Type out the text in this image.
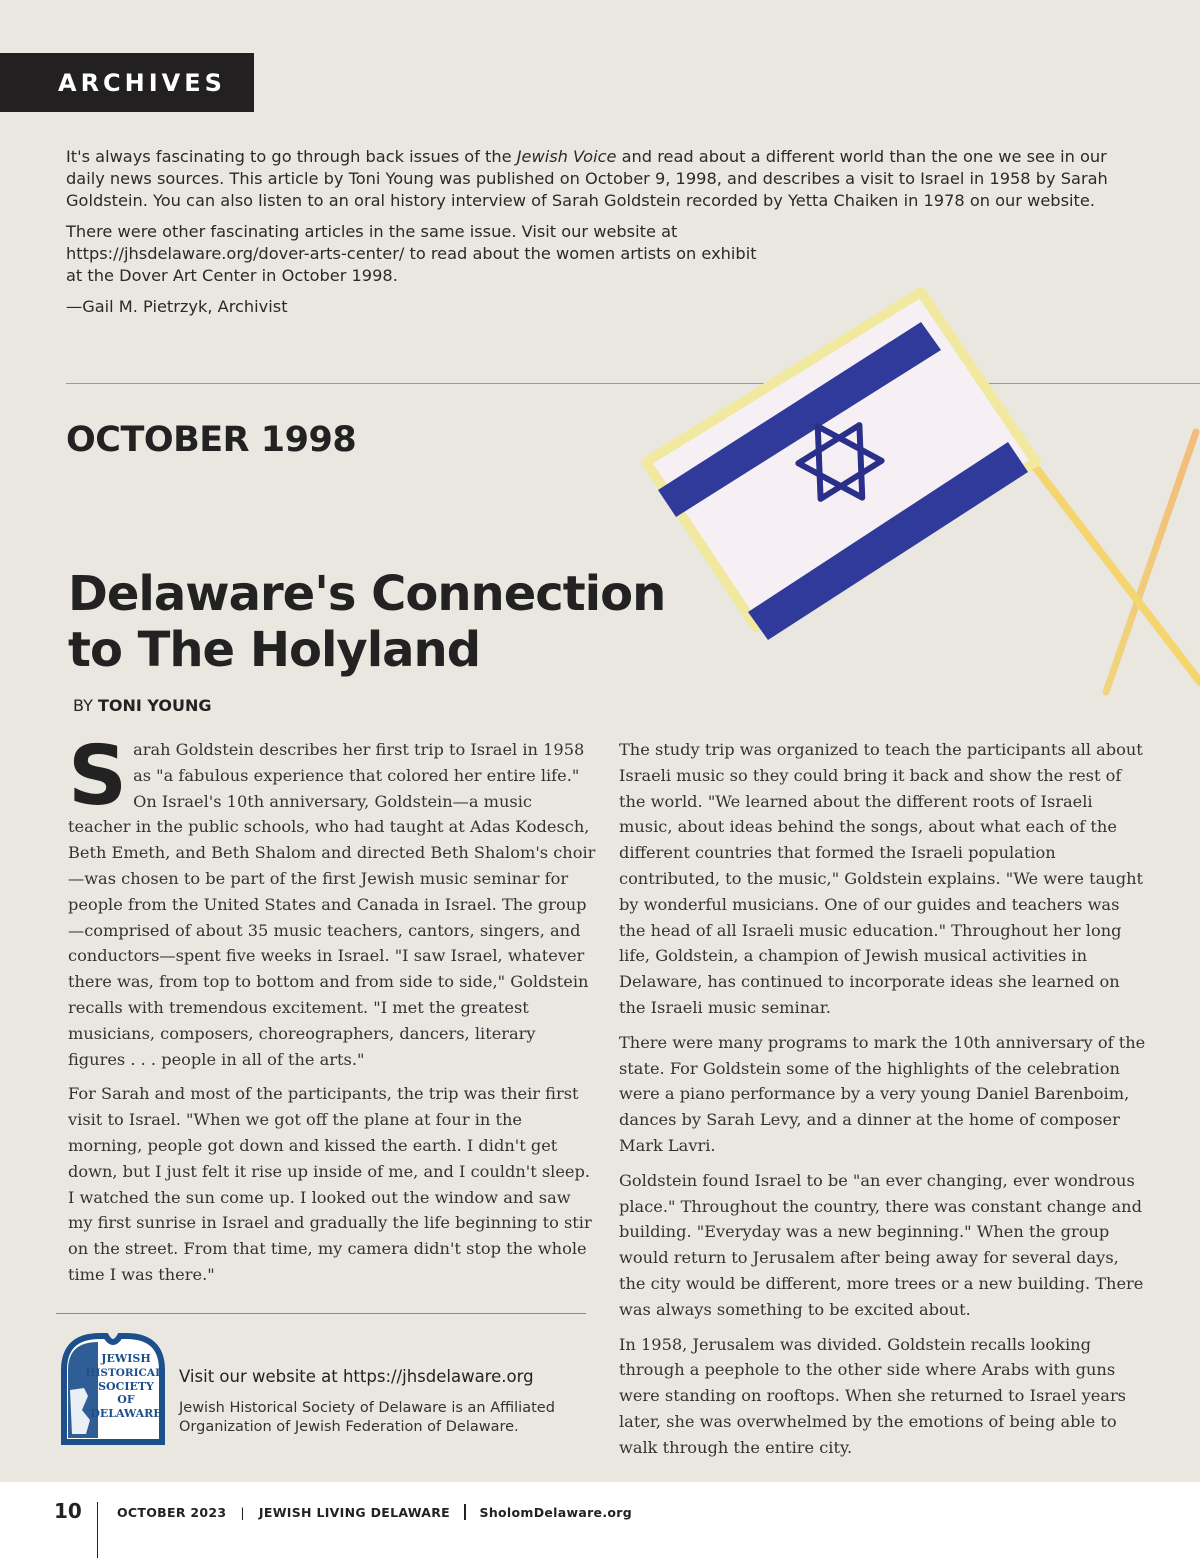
ARCHIVES

It's always fascinating to go through back issues of the Jewish Voice and read about a different world than the one we see in our daily news sources. This article by Toni Young was published on October 9, 1998, and describes a visit to Israel in 1958 by Sarah Goldstein. You can also listen to an oral history interview of Sarah Goldstein recorded by Yetta Chaiken in 1978 on our website.

There were other fascinating articles in the same issue. Visit our website at https://jhsdelaware.org/dover-arts-center/ to read about the women artists on exhibit at the Dover Art Center in October 1998.

—Gail M. Pietrzyk, Archivist

OCTOBER 1998
Delaware's Connection
to The Holyland
BY TONI YOUNG

Sarah Goldstein describes her first trip to Israel in 1958 as "a fabulous experience that colored her entire life." On Israel's 10th anniversary, Goldstein—a music teacher in the public schools, who had taught at Adas Kodesch, Beth Emeth, and Beth Shalom and directed Beth Shalom's choir—was chosen to be part of the first Jewish music seminar for people from the United States and Canada in Israel. The group—comprised of about 35 music teachers, cantors, singers, and conductors—spent five weeks in Israel. "I saw Israel, whatever there was, from top to bottom and from side to side," Goldstein recalls with tremendous excitement. "I met the greatest musicians, composers, choreographers, dancers, literary figures . . . people in all of the arts."

For Sarah and most of the participants, the trip was their first visit to Israel. "When we got off the plane at four in the morning, people got down and kissed the earth. I didn't get down, but I just felt it rise up inside of me, and I couldn't sleep. I watched the sun come up. I looked out the window and saw my first sunrise in Israel and gradually the life beginning to stir on the street. From that time, my camera didn't stop the whole time I was there."

The study trip was organized to teach the participants all about Israeli music so they could bring it back and show the rest of the world. "We learned about the different roots of Israeli music, about ideas behind the songs, about what each of the different countries that formed the Israeli population contributed, to the music," Goldstein explains. "We were taught by wonderful musicians. One of our guides and teachers was the head of all Israeli music education." Throughout her long life, Goldstein, a champion of Jewish musical activities in Delaware, has continued to incorporate ideas she learned on the Israeli music seminar.

There were many programs to mark the 10th anniversary of the state. For Goldstein some of the highlights of the celebration were a piano performance by a very young Daniel Barenboim, dances by Sarah Levy, and a dinner at the home of composer Mark Lavri.

Goldstein found Israel to be "an ever changing, ever wondrous place." Throughout the country, there was constant change and building. "Everyday was a new beginning." When the group would return to Jerusalem after being away for several days, the city would be different, more trees or a new building. There was always something to be excited about.

In 1958, Jerusalem was divided. Goldstein recalls looking through a peephole to the other side where Arabs with guns were standing on rooftops. When she returned to Israel years later, she was overwhelmed by the emotions of being able to walk through the entire city.

JEWISH
HISTORICAL
SOCIETY
OF
DELAWARE
Visit our website at https://jhsdelaware.org
Jewish Historical Society of Delaware is an Affiliated Organization of Jewish Federation of Delaware.
10	OCTOBER 2023 | JEWISH LIVING DELAWARE SholomDelaware.org
